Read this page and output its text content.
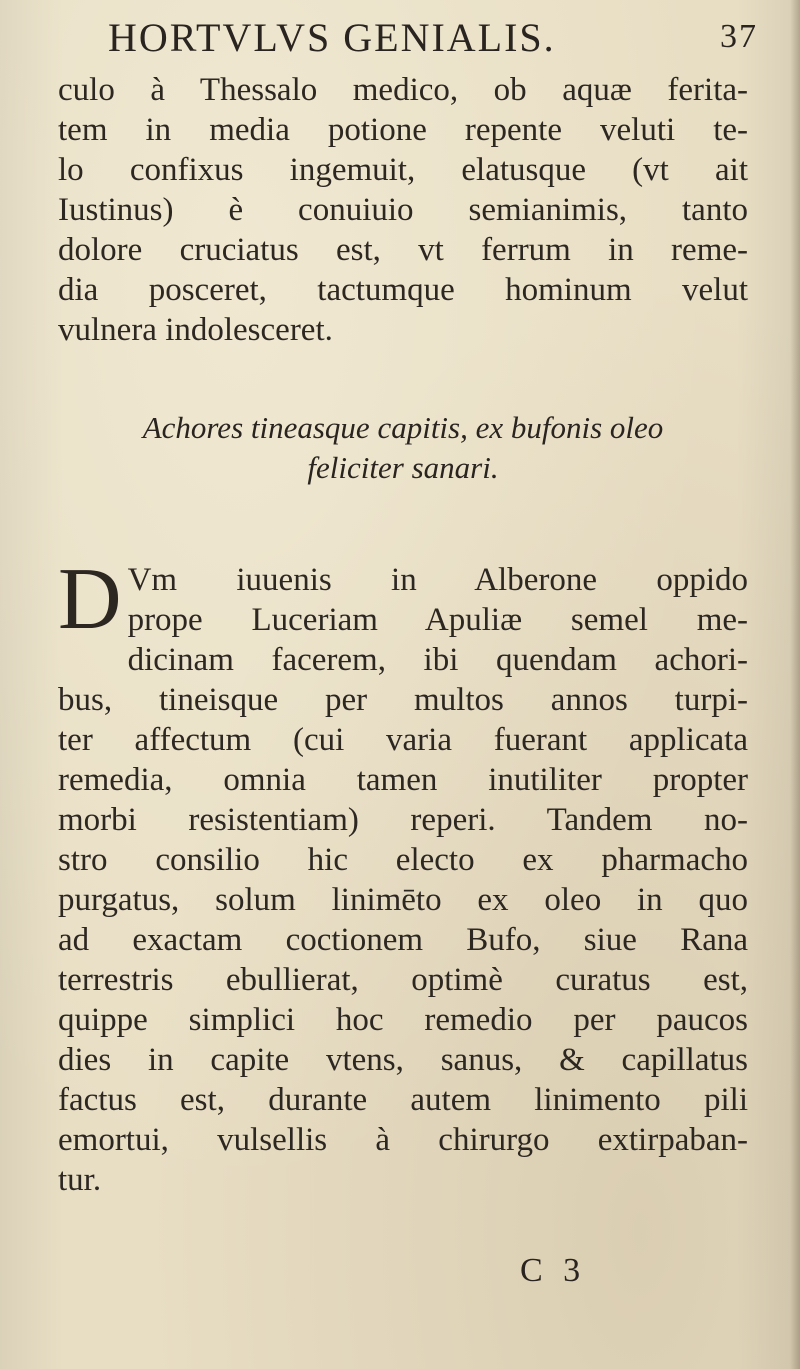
HORTVLVS GENIALIS.	37
culo à Thessalo medico, ob aquæ ferita-
tem in media potione repente veluti te-
lo confixus ingemuit, elatusque (vt ait
Iustinus) è conuiuio semianimis, tanto
dolore cruciatus est, vt ferrum in reme-
dia posceret, tactumque hominum velut
vulnera indolesceret.
Achores tineasque capitis, ex bufonis oleo
feliciter sanari.
D Vm iuuenis in Alberone oppido
prope Luceriam Apuliæ semel me-
dicinam facerem, ibi quendam achori-
bus, tineisque per multos annos turpi-
ter affectum (cui varia fuerant applicata
remedia, omnia tamen inutiliter propter
morbi resistentiam) reperi. Tandem no-
stro consilio hic electo ex pharmacho
purgatus, solum linimēto ex oleo in quo
ad exactam coctionem Bufo, siue Rana
terrestris ebullierat, optimè curatus est,
quippe simplici hoc remedio per paucos
dies in capite vtens, sanus, & capillatus
factus est, durante autem linimento pili
emortui, vulsellis à chirurgo extirpaban-
tur.
C 3
